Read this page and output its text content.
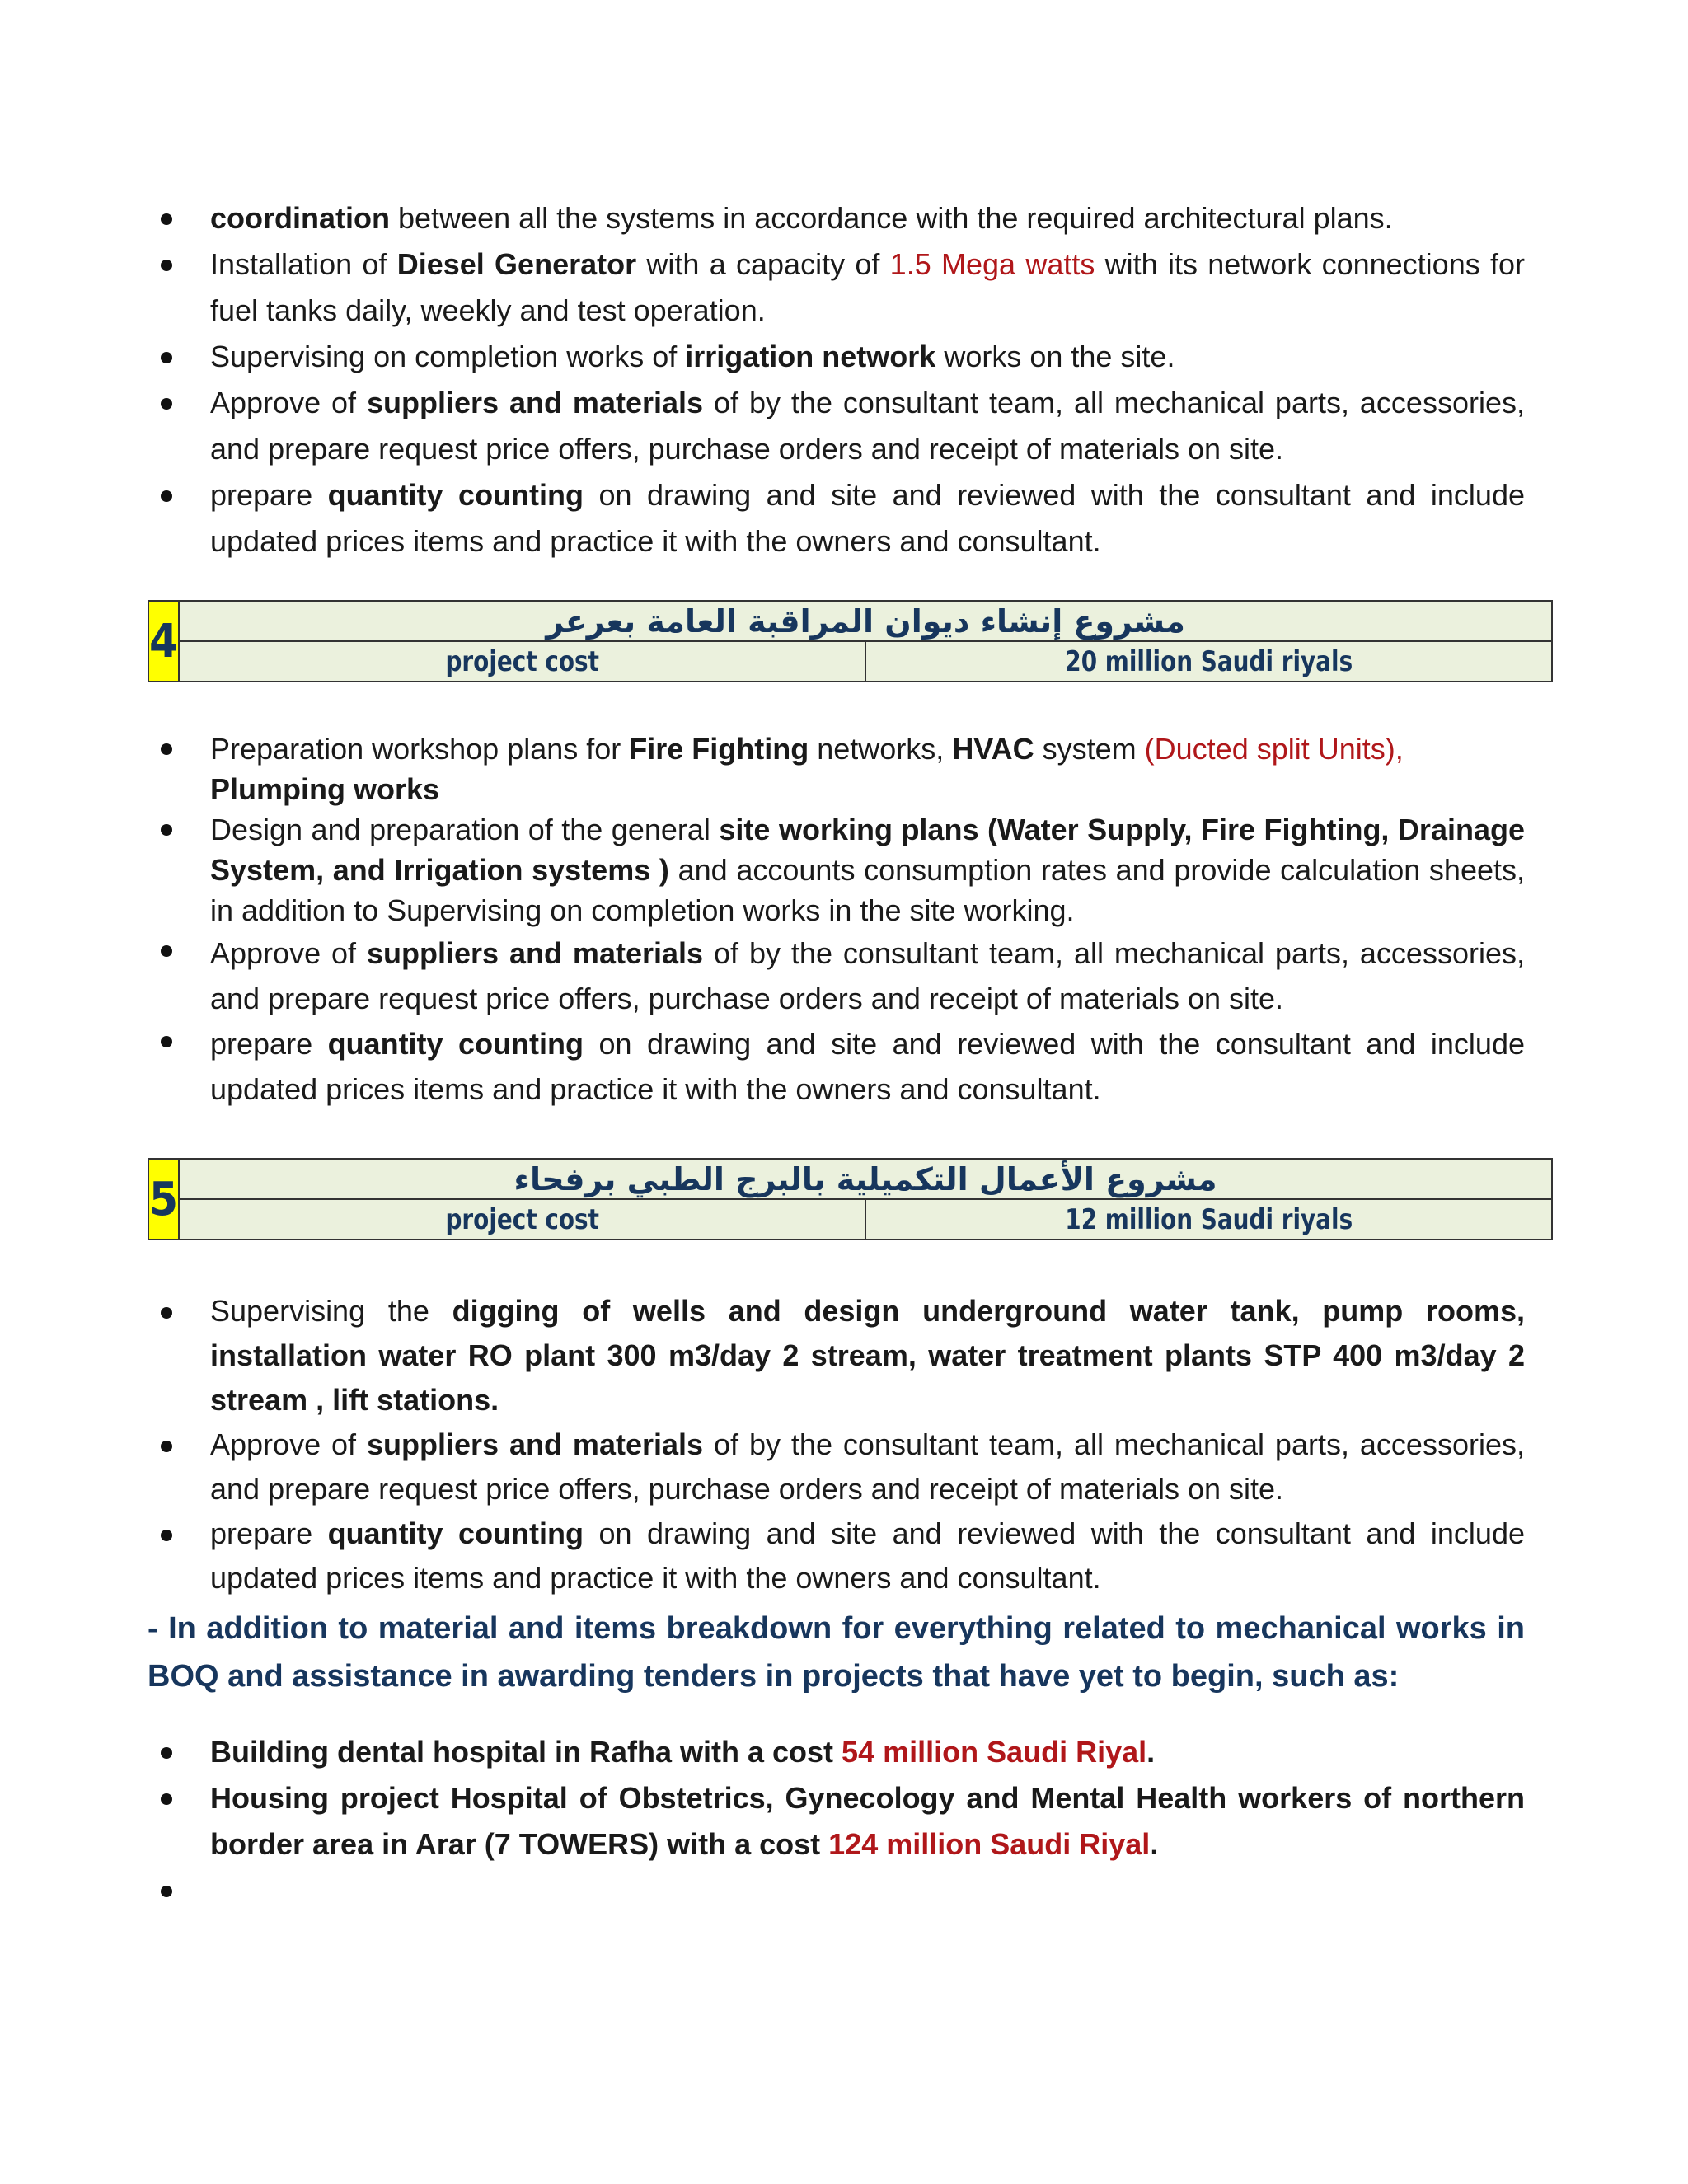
coordination between all the systems in accordance with the required architectural plans.
Installation of Diesel Generator with a capacity of 1.5 Mega watts with its network connections for fuel tanks daily, weekly and test operation.
Supervising on completion works of irrigation network works on the site.
Approve of suppliers and materials of by the consultant team, all mechanical parts, accessories, and prepare request price offers, purchase orders and receipt of materials on site.
prepare quantity counting on drawing and site and reviewed with the consultant and include updated prices items and practice it with the owners and consultant.
4	مشروع إنشاء ديوان المراقبة العامة بعرعر	
	project cost	20 million Saudi riyals
Preparation workshop plans for Fire Fighting networks, HVAC system (Ducted split Units),
Plumping works
Design and preparation of the general site working plans (Water Supply, Fire Fighting, Drainage System, and Irrigation systems ) and accounts consumption rates and provide calculation sheets, in addition to Supervising on completion works in the site working.
Approve of suppliers and materials of by the consultant team, all mechanical parts, accessories, and prepare request price offers, purchase orders and receipt of materials on site.
prepare quantity counting on drawing and site and reviewed with the consultant and include updated prices items and practice it with the owners and consultant.
5	مشروع الأعمال التكميلية بالبرج الطبي برفحاء	
	project cost	12 million Saudi riyals
Supervising the digging of wells and design underground water tank, pump rooms, installation water RO plant 300 m3/day 2 stream, water treatment plants STP 400 m3/day 2 stream , lift stations.
Approve of suppliers and materials of by the consultant team, all mechanical parts, accessories, and prepare request price offers, purchase orders and receipt of materials on site.
prepare quantity counting on drawing and site and reviewed with the consultant and include updated prices items and practice it with the owners and consultant.
- In addition to material and items breakdown for everything related to mechanical works in BOQ and assistance in awarding tenders in projects that have yet to begin, such as:
Building dental hospital in Rafha with a cost 54 million Saudi Riyal.
Housing project Hospital of Obstetrics, Gynecology and Mental Health workers of northern border area in Arar (7 TOWERS) with a cost 124 million Saudi Riyal.
